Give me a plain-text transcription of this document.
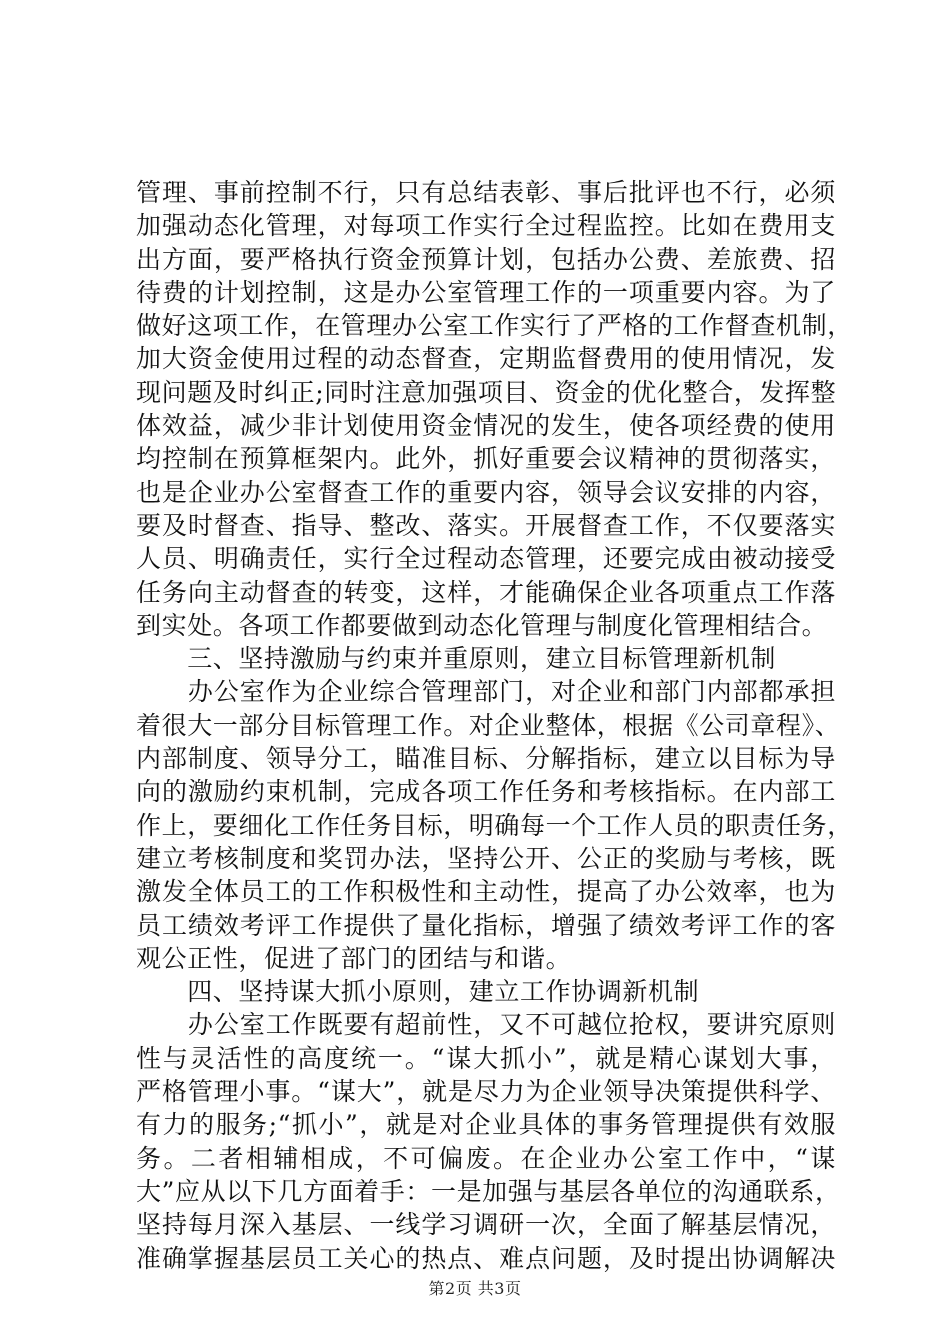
管理、事前控制不行，只有总结表彰、事后批评也不行，必须
加强动态化管理，对每项工作实行全过程监控。比如在费用支
出方面，要严格执行资金预算计划，包括办公费、差旅费、招
待费的计划控制，这是办公室管理工作的一项重要内容。为了
做好这项工作，在管理办公室工作实行了严格的工作督查机制，
加大资金使用过程的动态督查，定期监督费用的使用情况，发
现问题及时纠正;同时注意加强项目、资金的优化整合，发挥整
体效益，减少非计划使用资金情况的发生，使各项经费的使用
均控制在预算框架内。此外，抓好重要会议精神的贯彻落实，
也是企业办公室督查工作的重要内容，领导会议安排的内容，
要及时督查、指导、整改、落实。开展督查工作，不仅要落实
人员、明确责任，实行全过程动态管理，还要完成由被动接受
任务向主动督查的转变，这样，才能确保企业各项重点工作落
到实处。各项工作都要做到动态化管理与制度化管理相结合。
　　三、坚持激励与约束并重原则，建立目标管理新机制
　　办公室作为企业综合管理部门，对企业和部门内部都承担
着很大一部分目标管理工作。对企业整体，根据《公司章程》、
内部制度、领导分工，瞄准目标、分解指标，建立以目标为导
向的激励约束机制，完成各项工作任务和考核指标。在内部工
作上，要细化工作任务目标，明确每一个工作人员的职责任务，
建立考核制度和奖罚办法，坚持公开、公正的奖励与考核，既
激发全体员工的工作积极性和主动性，提高了办公效率，也为
员工绩效考评工作提供了量化指标，增强了绩效考评工作的客
观公正性，促进了部门的团结与和谐。
　　四、坚持谋大抓小原则，建立工作协调新机制
　　办公室工作既要有超前性，又不可越位抢权，要讲究原则
性与灵活性的高度统一。“谋大抓小”，就是精心谋划大事，
严格管理小事。“谋大”，就是尽力为企业领导决策提供科学、
有力的服务;“抓小”，就是对企业具体的事务管理提供有效服
务。二者相辅相成，不可偏废。在企业办公室工作中，“谋
大”应从以下几方面着手：一是加强与基层各单位的沟通联系，
坚持每月深入基层、一线学习调研一次，全面了解基层情况，
准确掌握基层员工关心的热点、难点问题，及时提出协调解决
第2页 共3页
